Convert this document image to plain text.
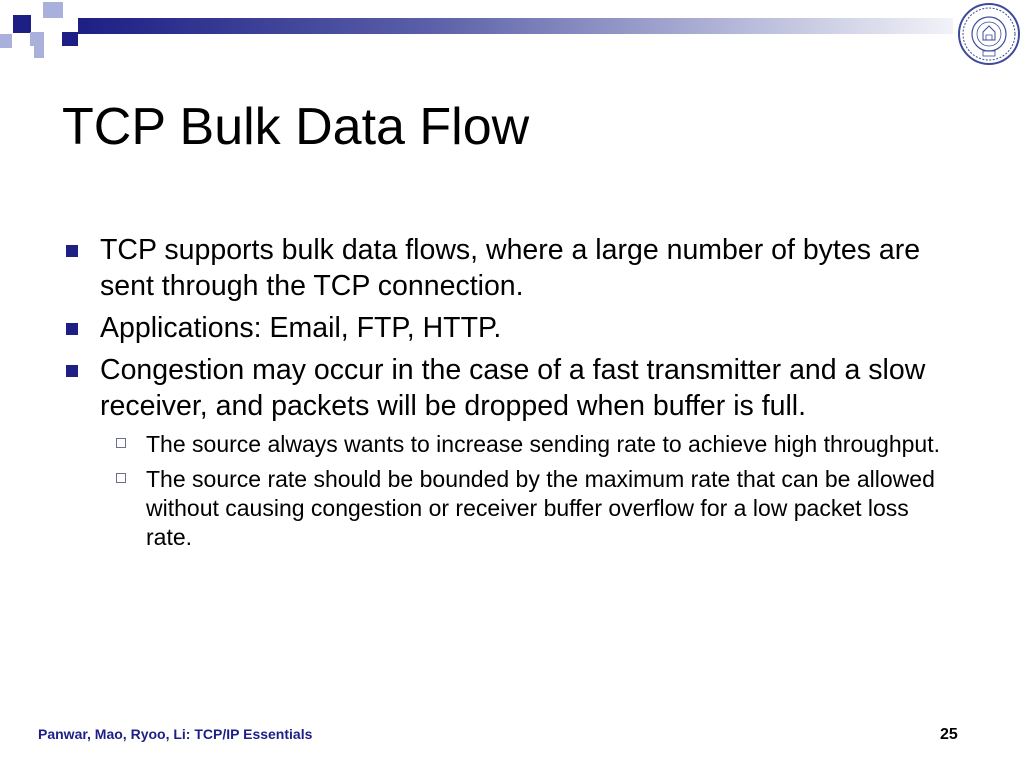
TCP Bulk Data Flow
TCP supports bulk data flows, where a large number of bytes are sent through the TCP connection.
Applications: Email, FTP, HTTP.
Congestion may occur in the case of a fast transmitter and a slow receiver, and packets will be dropped when buffer is full.
The source always wants to increase sending rate to achieve high throughput.
The source rate should be bounded by the maximum rate that can be allowed without causing congestion or receiver buffer overflow for a low packet loss rate.
Panwar, Mao, Ryoo, Li: TCP/IP Essentials	25
